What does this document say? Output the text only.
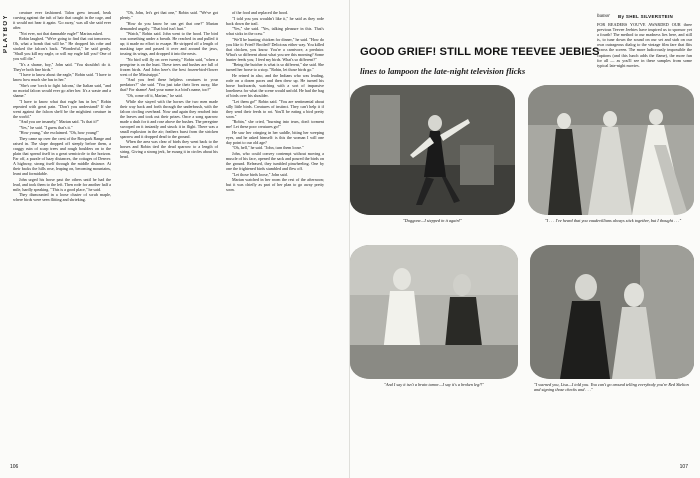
PLAYBOY

creature ever fashioned. Talon grew inward, beak curving against the tuft of hair that caught in the cage, and it would not hear it again. 'Go away,' was all she said ever after.

"Not ever, not that damnable eagle!" Marian asked.

Robin laughed. "We're going to find that out tomorrow. Oh, what a bomb that will be." He dropped his robe and stroked the falcon's back. "Wonderful," he said gently. "Shall you kill my eagle, or will my eagle kill you? One of you will die."

"It's a shame, boy," John said. "You shouldn't do it. They're both fine birds."

"I have to know about the eagle," Robin said. "I have to know how much she has in her."

"She's one 'torch to fight falcons,' the Italian said, "and no mortal falcon would ever go after her. It's a waste and a shame."

"I have to know what that eagle has in her," Robin repeated with great pain. "Don't you understand? If she went against the falcon she'd be the mightiest creature in the world."

"And you are insanely," Marian said. "Is that it?"

"Yes," he said. "I guess that's it."

"How young," she exclaimed. "Oh, how young!"

They came up over the crest of the Bowpark Range and raised in. The slope dropped off steeply before them, a craggy ruin of scarp trees and rough boulders on to the plain that spread itself in a great semicircle to the horizon. Far off, a puzzle of hazy distances, the cottages of Denver. A highway, strong itself through the middle distance. At their backs the hills rose, leaping on, becoming mountains, leant and formidable.

John urged his horse past the others until he had the lead, and took them to the left. Then rode for another half a mile, hardly speaking. "This is a good place," he said.

They dismounted in a loose cluster of scrub maple, where birds were seen flitting and shrieking.

"Oh, John, let's get that one," Robin said. "We've got plenty."

"How do you know he can get that one?" Marian demanded angrily. "That bird isn't hurt."

"Watch," Robin said. John went to the hood. The bird was something under a breath. He reached in and pulled it up; it made no effort to escape. He stripped off a length of masking tape and passed it over and around the jaws, tossing its wings, and dropped it into the nests.

"No bird will fly on over twenty," Robin said, "when a peregrine is on the hunt. These trees and bushes are full of frozen birds. And John here's the best frozen-bird-flower west of the Mississippi."

"And you feed these helpless creatures to your predators?" she said. "You just take their lives away, like that? For shame! And your name is a bird's name, too?"

"Oh, come off it, Marian," he said.

While she stayed with the horses the two men made their way back and forth through the underbrush, with the falcon circling overhead. Now and again they reached into the leaves and took out their prizes. Once a song sparrow made a dash for it and rose above the bushes. The peregrine swooped on it instantly and struck it in flight. There was a small explosion in the air; feathers burst from the stricken sparrow and it dropped dead to the ground.

When the area was clear of birds they went back to the horses and Robin tied the dead sparrow to a length of string. Giving a strong jerk, he swung it in circles about his head.

of the food and replaced the hood.

"I told you you wouldn't like it," he said as they rode back down the trail.

"Yes," she said. "Yes, talking pleasure in this. That's what sicks in the craw."

"We'll be hunting chicken for dinner," he said. "How do you like it: Fried? Broiled? Delicious either way. You killed that chicken, you know. You're a carnivore, a predator. What's so different about what you see this morning? Some hunter feeds you; I feed my birds. What's so different?"

"Being the butcher is what is so different," she said. She turned her horse to a stop. "Robin, let those birds go."

He reined in also, and the Indians who was leading, rode on a dozen paces and then drew up. He turned his horse backwards, watching with a sort of impassive loneliness for what the scene would unfold. He had the bag of birds over his shoulder.

"Let them go!" Robin said. "You are sentimental about silly little birds. Creatures of instinct. They can't help it if they send their feeds to rot. You'll be eating a bird pretty soon."

"Robin," she cried, "burning into tears, don't torment me! Let these poor creatures go!"

He saw her cringing in her saddle, biting her weeping eyes, and he asked himself: is this the woman I will one day point to our old age?

"Oh, hell," he said. "John, turn them loose."

John, who could convey contempt without moving a muscle of his face, opened the sack and poured the birds on the ground. Released, they tumbled pinwheeling. One by one the frightened birds stumbled and flew off.

"Let those birds loose," John said.

Marian watched in her room the rest of the afternoon; but it was chiefly as part of her plan to go away pretty soon.

106
GOOD GRIEF! STILL MORE TEEVEE JEBIES
lines to lampoon the late-night television flicks
humor By SHEL SILVERSTEIN
FOR READERS YOU'VE AWARDED OUR three previous Teevee Jeebies have inspired us to sponsor yet a fourth! The method to our madness lies here, and still is, to tune down the sound on our set and stab on our own outrageous dialog to the vintage film fare that flits across the screen. The more ludicrously impossible the captions (and this lunch adds the flame), the more fun for all — as you'll see in these samples from some typical late-night movies.
"Doggone—I stepped in it again!"	"I . . . I've heard that you vaudevillians always stick together, but I thought . . ."
"And I say it isn't a brain tumor—I say it's a broken leg!!"	"I warned you, Lisa—I told you. You can't go around telling everybody you're Red Skelton and signing those checks and . . ."
107
